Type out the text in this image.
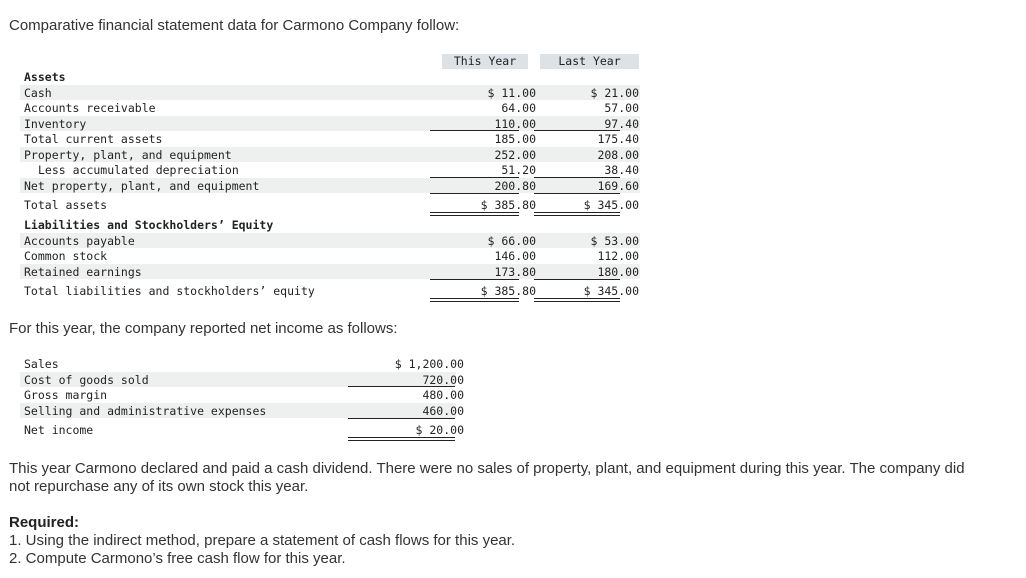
Comparative financial statement data for Carmono Company follow:
This Year	Last Year
Assets
Cash	$ 11.00	$ 21.00
Accounts receivable	64.00	57.00
Inventory	110.00	97.40
Total current assets	185.00	175.40
Property, plant, and equipment	252.00	208.00
Less accumulated depreciation	51.20	38.40
Net property, plant, and equipment	200.80	169.60
Total assets	$ 385.80	$ 345.00
Liabilities and Stockholders’ Equity
Accounts payable	$ 66.00	$ 53.00
Common stock	146.00	112.00
Retained earnings	173.80	180.00
Total liabilities and stockholders’ equity	$ 385.80	$ 345.00
For this year, the company reported net income as follows:
Sales	$ 1,200.00
Cost of goods sold	720.00
Gross margin	480.00
Selling and administrative expenses	460.00
Net income	$ 20.00
This year Carmono declared and paid a cash dividend. There were no sales of property, plant, and equipment during this year. The company did not repurchase any of its own stock this year.
Required:
1. Using the indirect method, prepare a statement of cash flows for this year.
2. Compute Carmono’s free cash flow for this year.
